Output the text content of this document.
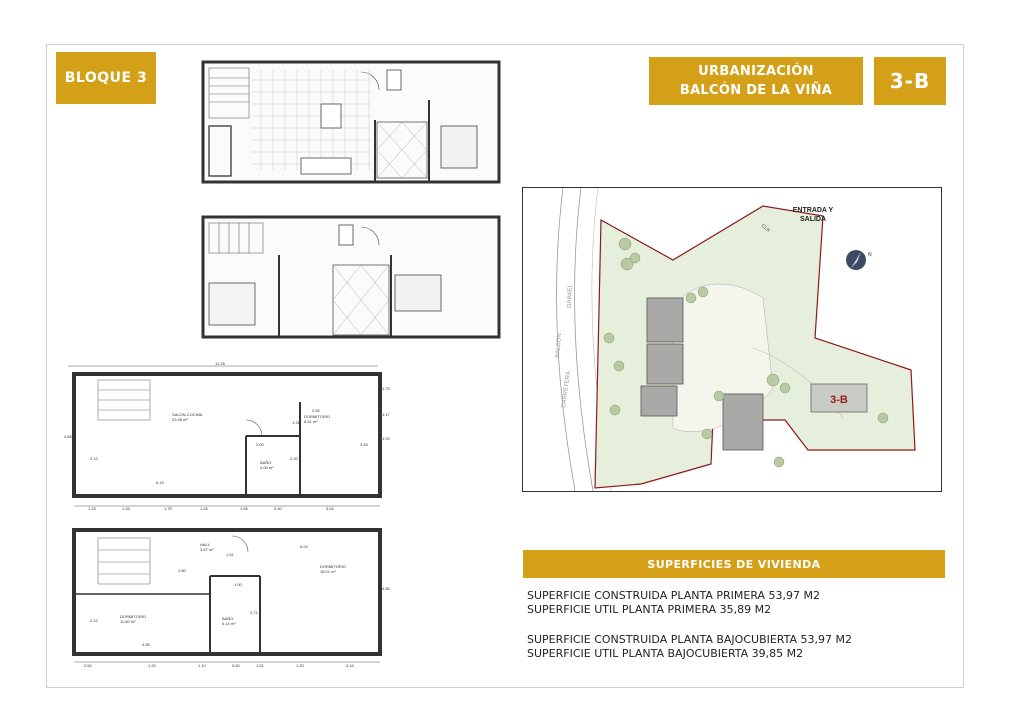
BLOQUE 3	URBANIZACIÓN
BALCÓN DE LA VIÑA	3-B
11.35
SALON-COCINA
23.96 m²
DORMITORIO
8.51 m²
BAÑO
4.00 m²
6.15
2.50
2.00
2.12	2.20
3.45
1.31
1.75
1.17
1.03
4.85
1.15	1.26	1.75	1.26	1.66	0.40	3.54
HALL
3.67 m²
DORMITORIO
18.01 m²
DORMITORIO
11.80 m²
BAÑO
5.14 m²
6.02
1.51
1.80
1.00
2.12
2.71
4.55
4.85
2.52	1.20	1.10	0.50	1.51	1.20	3.16
CARRETERA
BALCON
DAIMIEL
3-B
ENTRADA Y
SALIDA
CLK
N
SUPERFICIES DE VIVIENDA

SUPERFICIE CONSTRUIDA PLANTA PRIMERA 53,97 M2

SUPERFICIE UTIL PLANTA PRIMERA 35,89 M2

SUPERFICIE CONSTRUIDA PLANTA BAJOCUBIERTA 53,97 M2

SUPERFICIE UTIL PLANTA BAJOCUBIERTA 39,85 M2
